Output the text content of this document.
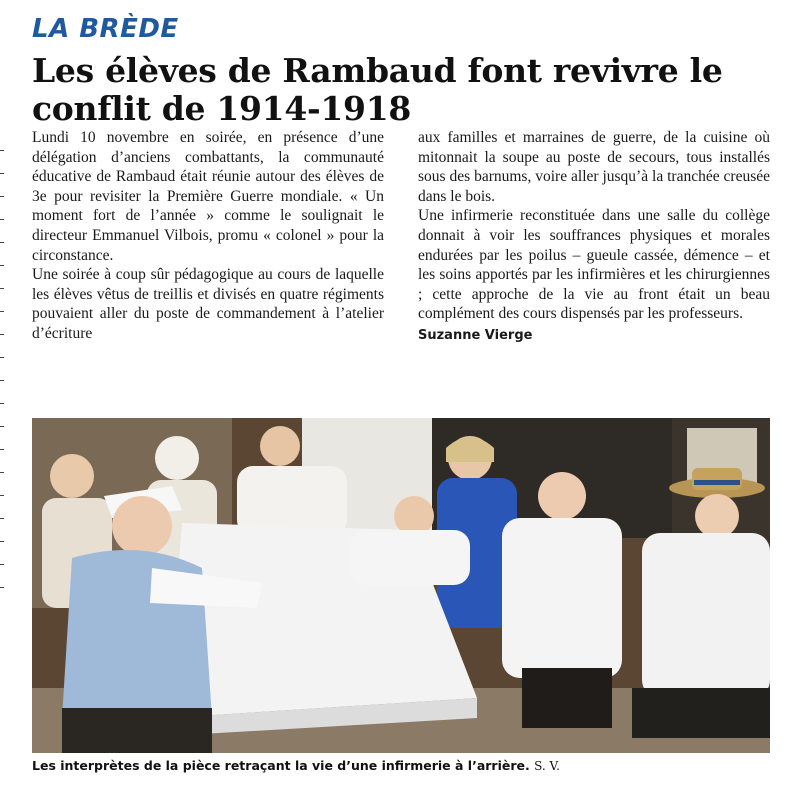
LA BRÈDE
Les élèves de Rambaud font revivre le conflit de 1914-1918

Lundi 10 novembre en soirée, en présence d’une délégation d’anciens combattants, la communauté éducative de Rambaud était réunie autour des élèves de 3e pour revisiter la Première Guerre mondiale. « Un moment fort de l’année » comme le soulignait le directeur Emmanuel Vilbois, promu « colonel » pour la circonstance.

Une soirée à coup sûr pédagogique au cours de laquelle les élèves vêtus de treillis et divisés en quatre régiments pouvaient aller du poste de commandement à l’atelier d’écriture

aux familles et marraines de guerre, de la cuisine où mitonnait la soupe au poste de secours, tous installés sous des barnums, voire aller jusqu’à la tranchée creusée dans le bois.

Une infirmerie reconstituée dans une salle du collège donnait à voir les souffrances physiques et morales endurées par les poilus – gueule cassée, démence – et les soins apportés par les infirmières et les chirurgiennes ; cette approche de la vie au front était un beau complément des cours dispensés par les professeurs.

Suzanne Vierge
Les interprètes de la pièce retraçant la vie d’une infirmerie à l’arrière. S. V.
